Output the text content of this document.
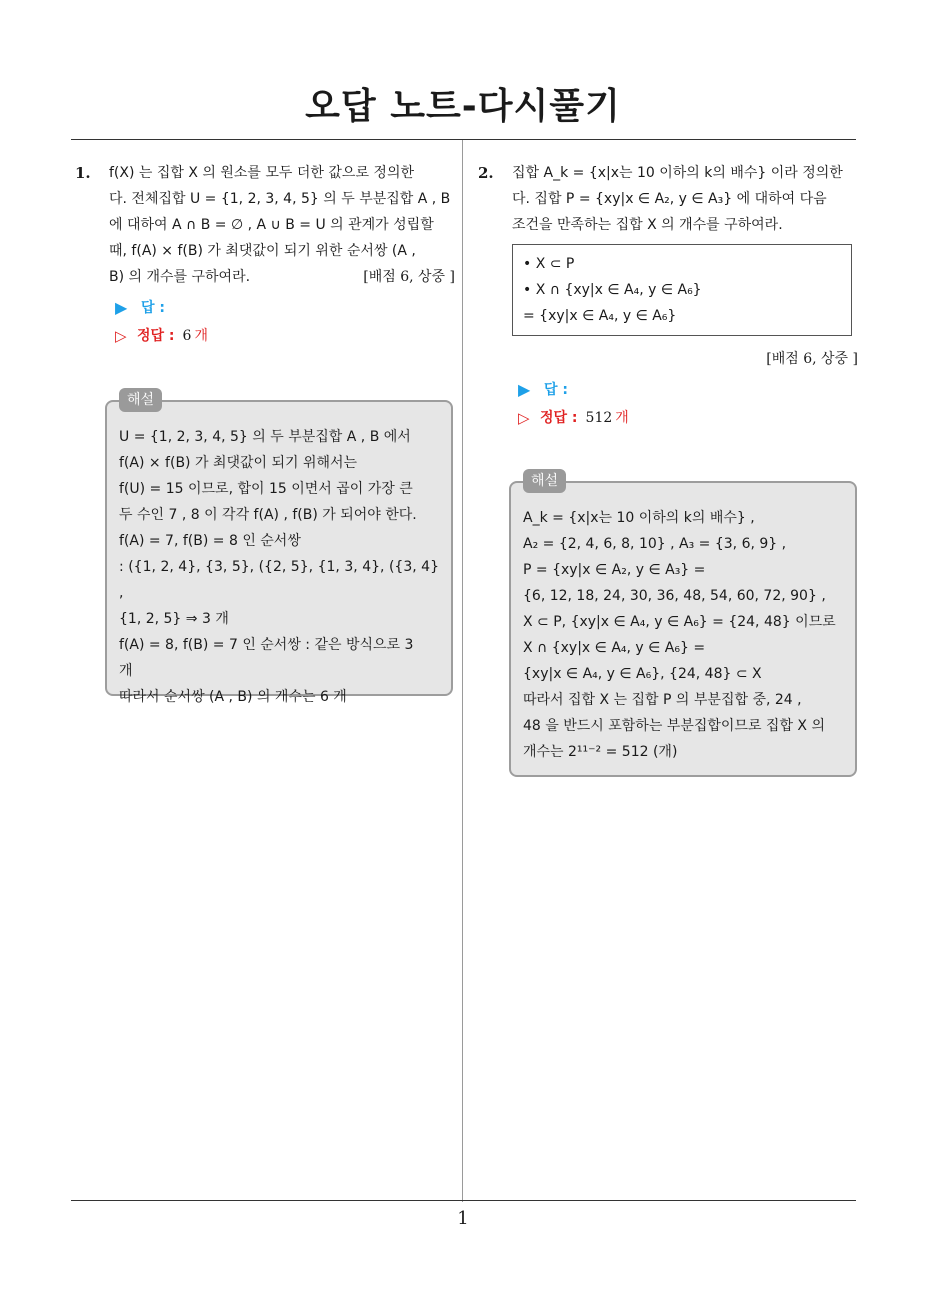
오답 노트-다시풀기
1
1. f(X) 는 집합 X 의 원소를 모두 더한 값으로 정의한

다. 전체집합 U = {1, 2, 3, 4, 5} 의 두 부분집합 A , B

에 대하여 A ∩ B = ∅ , A ∪ B = U 의 관계가 성립할

때, f(A) × f(B) 가 최댓값이 되기 위한 순서쌍 (A ,

B) 의 개수를 구하여라.	[배점 6, 상중 ]
▶ 답 :
▷ 정답 : 6 개
해설

U = {1, 2, 3, 4, 5} 의 두 부분집합 A , B 에서

f(A) × f(B) 가 최댓값이 되기 위해서는

f(U) = 15 이므로, 합이 15 이면서 곱이 가장 큰

두 수인 7 , 8 이 각각 f(A) , f(B) 가 되어야 한다.

f(A) = 7, f(B) = 8 인 순서쌍

: ({1, 2, 4}, {3, 5}, ({2, 5}, {1, 3, 4}, ({3, 4} ,

{1, 2, 5} ⇒ 3 개

f(A) = 8, f(B) = 7 인 순서쌍 : 같은 방식으로 3

개

따라서 순서쌍 (A , B) 의 개수는 6 개

2. 집합 A_k = {x|x는 10 이하의 k의 배수} 이라 정의한

다. 집합 P = {xy|x ∈ A₂, y ∈ A₃} 에 대하여 다음

조건을 만족하는 집합 X 의 개수를 구하여라.

• X ⊂ P

• X ∩ {xy|x ∈ A₄, y ∈ A₆}

= {xy|x ∈ A₄, y ∈ A₆}

[배점 6, 상중 ]
▶ 답 :
▷ 정답 : 512 개
해설

A_k = {x|x는 10 이하의 k의 배수} ,

A₂ = {2, 4, 6, 8, 10} , A₃ = {3, 6, 9} ,

P = {xy|x ∈ A₂, y ∈ A₃} =

{6, 12, 18, 24, 30, 36, 48, 54, 60, 72, 90} ,

X ⊂ P, {xy|x ∈ A₄, y ∈ A₆} = {24, 48} 이므로

X ∩ {xy|x ∈ A₄, y ∈ A₆} =

{xy|x ∈ A₄, y ∈ A₆}, {24, 48} ⊂ X

따라서 집합 X 는 집합 P 의 부분집합 중, 24 ,

48 을 반드시 포함하는 부분집합이므로 집합 X 의

개수는 2¹¹⁻² = 512 (개)
